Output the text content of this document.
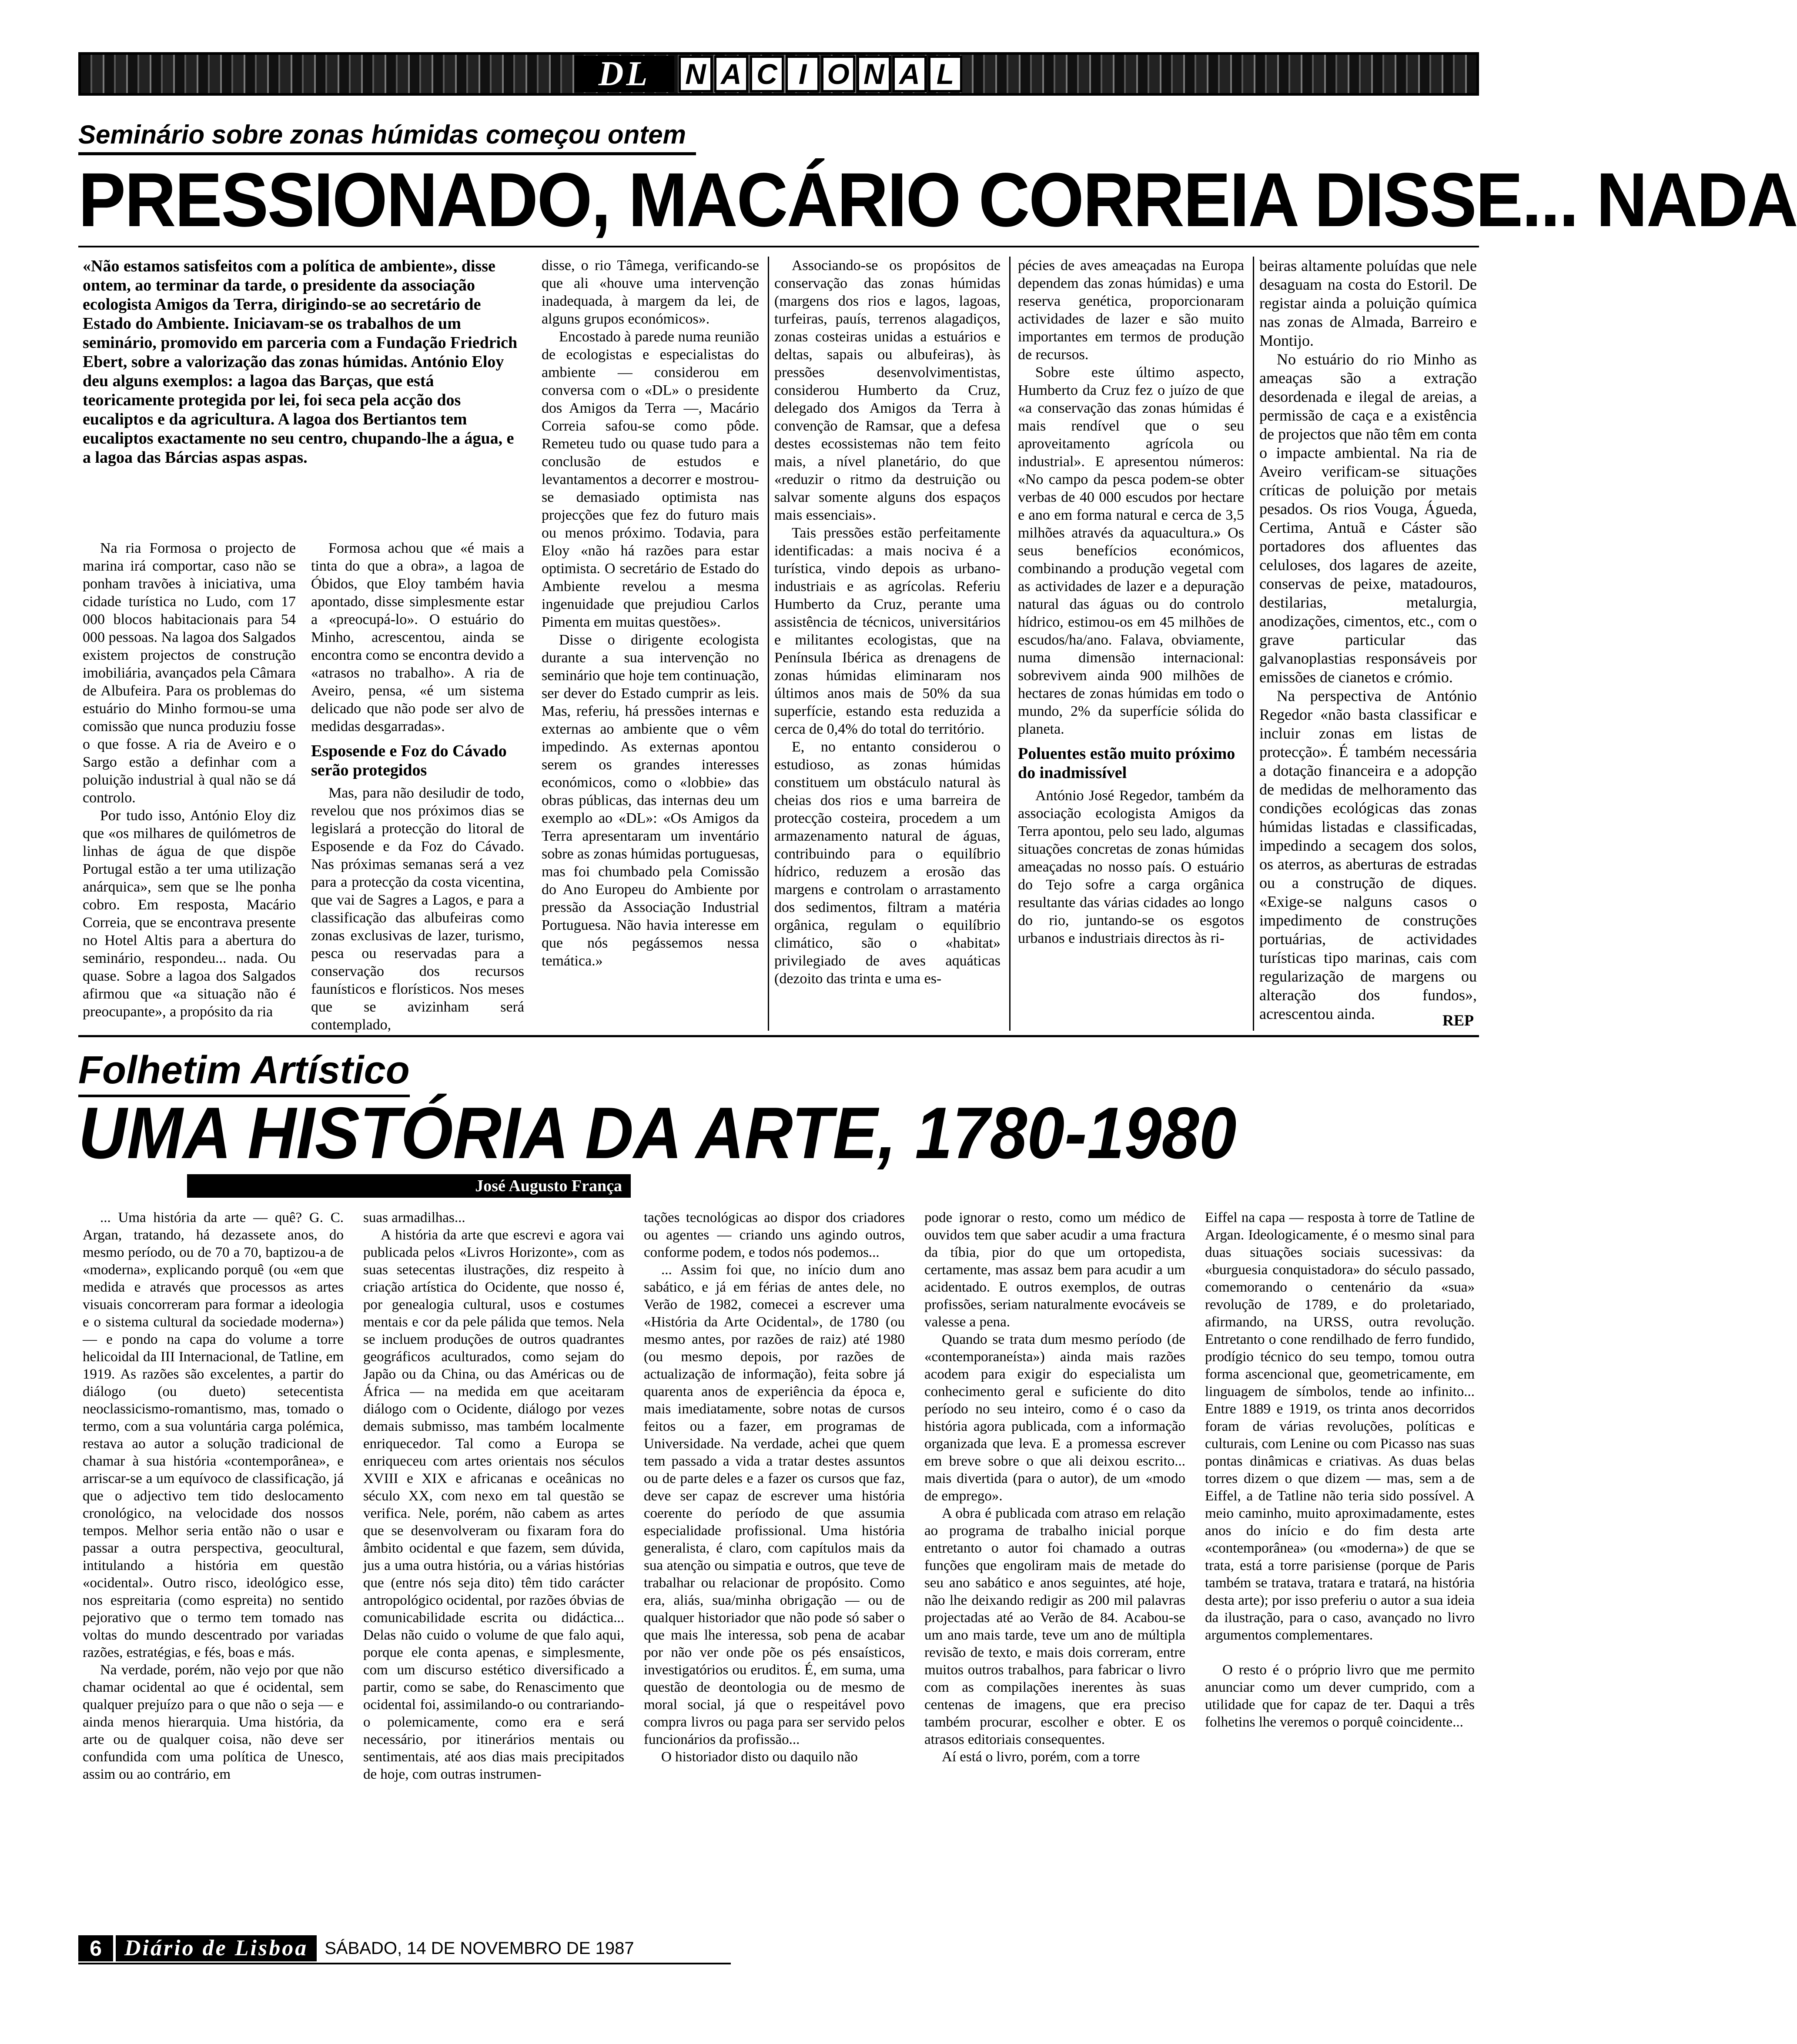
DL	N A C I O N A L
Seminário sobre zonas húmidas começou ontem
PRESSIONADO, MACÁRIO CORREIA DISSE... NADA

«Não estamos satisfeitos com a política de ambiente», disse ontem, ao terminar da tarde, o presidente da associação ecologista Amigos da Terra, dirigindo-se ao secretário de Estado do Ambiente. Iniciavam-se os trabalhos de um seminário, promovido em parceria com a Fundação Friedrich Ebert, sobre a valorização das zonas húmidas. António Eloy deu alguns exemplos: a lagoa das Barças, que está teoricamente protegida por lei, foi seca pela acção dos eucaliptos e da agricultura. A lagoa dos Bertiantos tem eucaliptos exactamente no seu centro, chupando-lhe a água, e a lagoa das Bárcias aspas aspas.

Na ria Formosa o projecto de marina irá comportar, caso não se ponham travões à iniciativa, uma cidade turística no Ludo, com 17 000 blocos habitacionais para 54 000 pessoas. Na lagoa dos Salgados existem projectos de construção imobiliária, avançados pela Câmara de Albufeira. Para os problemas do estuário do Minho formou-se uma comissão que nunca produziu fosse o que fosse. A ria de Aveiro e o Sargo estão a definhar com a poluição industrial à qual não se dá controlo.

Por tudo isso, António Eloy diz que «os milhares de quilómetros de linhas de água de que dispõe Portugal estão a ter uma utilização anárquica», sem que se lhe ponha cobro. Em resposta, Macário Correia, que se encontrava presente no Hotel Altis para a abertura do seminário, respondeu... nada. Ou quase. Sobre a lagoa dos Salgados afirmou que «a situação não é preocupante», a propósito da ria

Formosa achou que «é mais a tinta do que a obra», a lagoa de Óbidos, que Eloy também havia apontado, disse simplesmente estar a «preocupá-lo». O estuário do Minho, acrescentou, ainda se encontra como se encontra devido a «atrasos no trabalho». A ria de Aveiro, pensa, «é um sistema delicado que não pode ser alvo de medidas desgarradas».

Esposende e Foz do Cávado serão protegidos

Mas, para não desiludir de todo, revelou que nos próximos dias se legislará a protecção do litoral de Esposende e da Foz do Cávado. Nas próximas semanas será a vez para a protecção da costa vicentina, que vai de Sagres a Lagos, e para a classificação das albufeiras como zonas exclusivas de lazer, turismo, pesca ou reservadas para a conservação dos recursos faunísticos e florísticos. Nos meses que se avizinham será contemplado,

disse, o rio Tâmega, verificando-se que ali «houve uma intervenção inadequada, à margem da lei, de alguns grupos económicos».

Encostado à parede numa reunião de ecologistas e especialistas do ambiente — considerou em conversa com o «DL» o presidente dos Amigos da Terra —, Macário Correia safou-se como pôde. Remeteu tudo ou quase tudo para a conclusão de estudos e levantamentos a decorrer e mostrou-se demasiado optimista nas projecções que fez do futuro mais ou menos próximo. Todavia, para Eloy «não há razões para estar optimista. O secretário de Estado do Ambiente revelou a mesma ingenuidade que prejudiou Carlos Pimenta em muitas questões».

Disse o dirigente ecologista durante a sua intervenção no seminário que hoje tem continuação, ser dever do Estado cumprir as leis. Mas, referiu, há pressões internas e externas ao ambiente que o vêm impedindo. As externas apontou serem os grandes interesses económicos, como o «lobbie» das obras públicas, das internas deu um exemplo ao «DL»: «Os Amigos da Terra apresentaram um inventário sobre as zonas húmidas portuguesas, mas foi chumbado pela Comissão do Ano Europeu do Ambiente por pressão da Associação Industrial Portuguesa. Não havia interesse em que nós pegássemos nessa temática.»

Associando-se os propósitos de conservação das zonas húmidas (margens dos rios e lagos, lagoas, turfeiras, pauís, terrenos alagadiços, zonas costeiras unidas a estuários e deltas, sapais ou albufeiras), às pressões desenvolvimentistas, considerou Humberto da Cruz, delegado dos Amigos da Terra à convenção de Ramsar, que a defesa destes ecossistemas não tem feito mais, a nível planetário, do que «reduzir o ritmo da destruição ou salvar somente alguns dos espaços mais essenciais».

Tais pressões estão perfeitamente identificadas: a mais nociva é a turística, vindo depois as urbano-industriais e as agrícolas. Referiu Humberto da Cruz, perante uma assistência de técnicos, universitários e militantes ecologistas, que na Península Ibérica as drenagens de zonas húmidas eliminaram nos últimos anos mais de 50% da sua superfície, estando esta reduzida a cerca de 0,4% do total do território.

E, no entanto considerou o estudioso, as zonas húmidas constituem um obstáculo natural às cheias dos rios e uma barreira de protecção costeira, procedem a um armazenamento natural de águas, contribuindo para o equilíbrio hídrico, reduzem a erosão das margens e controlam o arrastamento dos sedimentos, filtram a matéria orgânica, regulam o equilíbrio climático, são o «habitat» privilegiado de aves aquáticas (dezoito das trinta e uma es-

pécies de aves ameaçadas na Europa dependem das zonas húmidas) e uma reserva genética, proporcionaram actividades de lazer e são muito importantes em termos de produção de recursos.

Sobre este último aspecto, Humberto da Cruz fez o juízo de que «a conservação das zonas húmidas é mais rendível que o seu aproveitamento agrícola ou industrial». E apresentou números: «No campo da pesca podem-se obter verbas de 40 000 escudos por hectare e ano em forma natural e cerca de 3,5 milhões através da aquacultura.» Os seus benefícios económicos, combinando a produção vegetal com as actividades de lazer e a depuração natural das águas ou do controlo hídrico, estimou-os em 45 milhões de escudos/ha/ano. Falava, obviamente, numa dimensão internacional: sobrevivem ainda 900 milhões de hectares de zonas húmidas em todo o mundo, 2% da superfície sólida do planeta.

Poluentes estão muito próximo do inadmissível

António José Regedor, também da associação ecologista Amigos da Terra apontou, pelo seu lado, algumas situações concretas de zonas húmidas ameaçadas no nosso país. O estuário do Tejo sofre a carga orgânica resultante das várias cidades ao longo do rio, juntando-se os esgotos urbanos e industriais directos às ri-

beiras altamente poluídas que nele desaguam na costa do Estoril. De registar ainda a poluição química nas zonas de Almada, Barreiro e Montijo.

No estuário do rio Minho as ameaças são a extração desordenada e ilegal de areias, a permissão de caça e a existência de projectos que não têm em conta o impacte ambiental. Na ria de Aveiro verificam-se situações críticas de poluição por metais pesados. Os rios Vouga, Águeda, Certima, Antuã e Cáster são portadores dos afluentes das celuloses, dos lagares de azeite, conservas de peixe, matadouros, destilarias, metalurgia, anodizações, cimentos, etc., com o grave particular das galvanoplastias responsáveis por emissões de cianetos e crómio.

Na perspectiva de António Regedor «não basta classificar e incluir zonas em listas de protecção». É também necessária a dotação financeira e a adopção de medidas de melhoramento das condições ecológicas das zonas húmidas listadas e classificadas, impedindo a secagem dos solos, os aterros, as aberturas de estradas ou a construção de diques. «Exige-se nalguns casos o impedimento de construções portuárias, de actividades turísticas tipo marinas, cais com regularização de margens ou alteração dos fundos», acrescentou ainda.	REP
Folhetim Artístico
UMA HISTÓRIA DA ARTE, 1780-1980
José Augusto França

... Uma história da arte — quê? G. C. Argan, tratando, há dezassete anos, do mesmo período, ou de 70 a 70, baptizou-a de «moderna», explicando porquê (ou «em que medida e através que processos as artes visuais concorreram para formar a ideologia e o sistema cultural da sociedade moderna») — e pondo na capa do volume a torre helicoidal da III Internacional, de Tatline, em 1919. As razões são excelentes, a partir do diálogo (ou dueto) setecentista neoclassicismo-romantismo, mas, tomado o termo, com a sua voluntária carga polémica, restava ao autor a solução tradicional de chamar à sua história «contemporânea», e arriscar-se a um equívoco de classificação, já que o adjectivo tem tido deslocamento cronológico, na velocidade dos nossos tempos. Melhor seria então não o usar e passar a outra perspectiva, geocultural, intitulando a história em questão «ocidental». Outro risco, ideológico esse, nos espreitaria (como espreita) no sentido pejorativo que o termo tem tomado nas voltas do mundo descentrado por variadas razões, estratégias, e fés, boas e más.

Na verdade, porém, não vejo por que não chamar ocidental ao que é ocidental, sem qualquer prejuízo para o que não o seja — e ainda menos hierarquia. Uma história, da arte ou de qualquer coisa, não deve ser confundida com uma política de Unesco, assim ou ao contrário, em

suas armadilhas...

A história da arte que escrevi e agora vai publicada pelos «Livros Horizonte», com as suas setecentas ilustrações, diz respeito à criação artística do Ocidente, que nosso é, por genealogia cultural, usos e costumes mentais e cor da pele pálida que temos. Nela se incluem produções de outros quadrantes geográficos aculturados, como sejam do Japão ou da China, ou das Américas ou de África — na medida em que aceitaram diálogo com o Ocidente, diálogo por vezes demais submisso, mas também localmente enriquecedor. Tal como a Europa se enriqueceu com artes orientais nos séculos XVIII e XIX e africanas e oceânicas no século XX, com nexo em tal questão se verifica. Nele, porém, não cabem as artes que se desenvolveram ou fixaram fora do âmbito ocidental e que fazem, sem dúvida, jus a uma outra história, ou a várias histórias que (entre nós seja dito) têm tido carácter antropológico ocidental, por razões óbvias de comunicabilidade escrita ou didáctica... Delas não cuido o volume de que falo aqui, porque ele conta apenas, e simplesmente, com um discurso estético diversificado a partir, como se sabe, do Renascimento que ocidental foi, assimilando-o ou contrariando-o polemicamente, como era e será necessário, por itinerários mentais ou sentimentais, até aos dias mais precipitados de hoje, com outras instrumen-

tações tecnológicas ao dispor dos criadores ou agentes — criando uns agindo outros, conforme podem, e todos nós podemos...

... Assim foi que, no início dum ano sabático, e já em férias de antes dele, no Verão de 1982, comecei a escrever uma «História da Arte Ocidental», de 1780 (ou mesmo antes, por razões de raiz) até 1980 (ou mesmo depois, por razões de actualização de informação), feita sobre já quarenta anos de experiência da época e, mais imediatamente, sobre notas de cursos feitos ou a fazer, em programas de Universidade. Na verdade, achei que quem tem passado a vida a tratar destes assuntos ou de parte deles e a fazer os cursos que faz, deve ser capaz de escrever uma história coerente do período de que assumia especialidade profissional. Uma história generalista, é claro, com capítulos mais da sua atenção ou simpatia e outros, que teve de trabalhar ou relacionar de propósito. Como era, aliás, sua/minha obrigação — ou de qualquer historiador que não pode só saber o que mais lhe interessa, sob pena de acabar por não ver onde põe os pés ensaísticos, investigatórios ou eruditos. É, em suma, uma questão de deontologia ou de mesmo de moral social, já que o respeitável povo compra livros ou paga para ser servido pelos funcionários da profissão...

O historiador disto ou daquilo não

pode ignorar o resto, como um médico de ouvidos tem que saber acudir a uma fractura da tíbia, pior do que um ortopedista, certamente, mas assaz bem para acudir a um acidentado. E outros exemplos, de outras profissões, seriam naturalmente evocáveis se valesse a pena.

Quando se trata dum mesmo período (de «contemporaneísta») ainda mais razões acodem para exigir do especialista um conhecimento geral e suficiente do dito período no seu inteiro, como é o caso da história agora publicada, com a informação organizada que leva. E a promessa escrever em breve sobre o que ali deixou escrito... mais divertida (para o autor), de um «modo de emprego».

A obra é publicada com atraso em relação ao programa de trabalho inicial porque entretanto o autor foi chamado a outras funções que engoliram mais de metade do seu ano sabático e anos seguintes, até hoje, não lhe deixando redigir as 200 mil palavras projectadas até ao Verão de 84. Acabou-se um ano mais tarde, teve um ano de múltipla revisão de texto, e mais dois correram, entre muitos outros trabalhos, para fabricar o livro com as compilações inerentes às suas centenas de imagens, que era preciso também procurar, escolher e obter. E os atrasos editoriais consequentes.

Aí está o livro, porém, com a torre

Eiffel na capa — resposta à torre de Tatline de Argan. Ideologicamente, é o mesmo sinal para duas situações sociais sucessivas: da «burguesia conquistadora» do século passado, comemorando o centenário da «sua» revolução de 1789, e do proletariado, afirmando, na URSS, outra revolução. Entretanto o cone rendilhado de ferro fundido, prodígio técnico do seu tempo, tomou outra forma ascencional que, geometricamente, em linguagem de símbolos, tende ao infinito... Entre 1889 e 1919, os trinta anos decorridos foram de várias revoluções, políticas e culturais, com Lenine ou com Picasso nas suas pontas dinâmicas e criativas. As duas belas torres dizem o que dizem — mas, sem a de Eiffel, a de Tatline não teria sido possível. A meio caminho, muito aproximadamente, estes anos do início e do fim desta arte «contemporânea» (ou «moderna») de que se trata, está a torre parisiense (porque de Paris também se tratava, tratara e tratará, na história desta arte); por isso preferiu o autor a sua ideia da ilustração, para o caso, avançado no livro argumentos complementares.

O resto é o próprio livro que me permito anunciar como um dever cumprido, com a utilidade que for capaz de ter. Daqui a três folhetins lhe veremos o porquê coincidente...

6	Diário de Lisboa SÁBADO, 14 DE NOVEMBRO DE 1987
